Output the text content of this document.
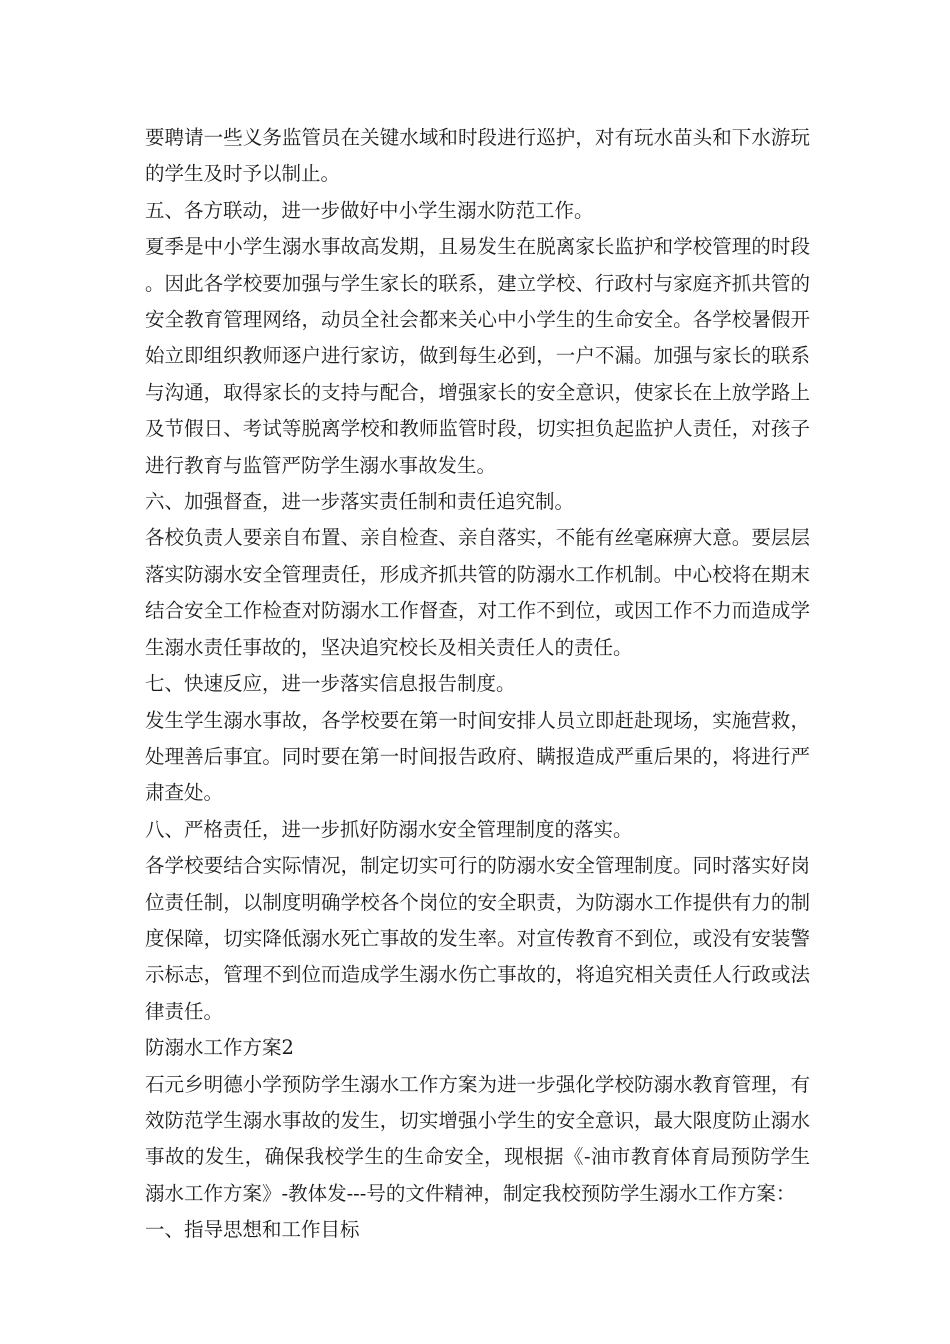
要聘请一些义务监管员在关键水域和时段进行巡护，对有玩水苗头和下水游玩的学生及时予以制止。

五、各方联动，进一步做好中小学生溺水防范工作。

夏季是中小学生溺水事故高发期，且易发生在脱离家长监护和学校管理的时段。因此各学校要加强与学生家长的联系，建立学校、行政村与家庭齐抓共管的安全教育管理网络，动员全社会都来关心中小学生的生命安全。各学校暑假开始立即组织教师逐户进行家访，做到每生必到，一户不漏。加强与家长的联系与沟通，取得家长的支持与配合，增强家长的安全意识，使家长在上放学路上及节假日、考试等脱离学校和教师监管时段，切实担负起监护人责任，对孩子进行教育与监管严防学生溺水事故发生。

六、加强督查，进一步落实责任制和责任追究制。

各校负责人要亲自布置、亲自检查、亲自落实，不能有丝毫麻痹大意。要层层落实防溺水安全管理责任，形成齐抓共管的防溺水工作机制。中心校将在期末结合安全工作检查对防溺水工作督查，对工作不到位，或因工作不力而造成学生溺水责任事故的，坚决追究校长及相关责任人的责任。

七、快速反应，进一步落实信息报告制度。

发生学生溺水事故，各学校要在第一时间安排人员立即赶赴现场，实施营救，处理善后事宜。同时要在第一时间报告政府、瞒报造成严重后果的，将进行严肃查处。

八、严格责任，进一步抓好防溺水安全管理制度的落实。

各学校要结合实际情况，制定切实可行的防溺水安全管理制度。同时落实好岗位责任制，以制度明确学校各个岗位的安全职责，为防溺水工作提供有力的制度保障，切实降低溺水死亡事故的发生率。对宣传教育不到位，或没有安装警示标志，管理不到位而造成学生溺水伤亡事故的，将追究相关责任人行政或法律责任。

防溺水工作方案2

石元乡明德小学预防学生溺水工作方案为进一步强化学校防溺水教育管理，有效防范学生溺水事故的发生，切实增强小学生的安全意识，最大限度防止溺水事故的发生，确保我校学生的生命安全，现根据《-油市教育体育局预防学生溺水工作方案》-教体发---号的文件精神，制定我校预防学生溺水工作方案：

一、指导思想和工作目标
